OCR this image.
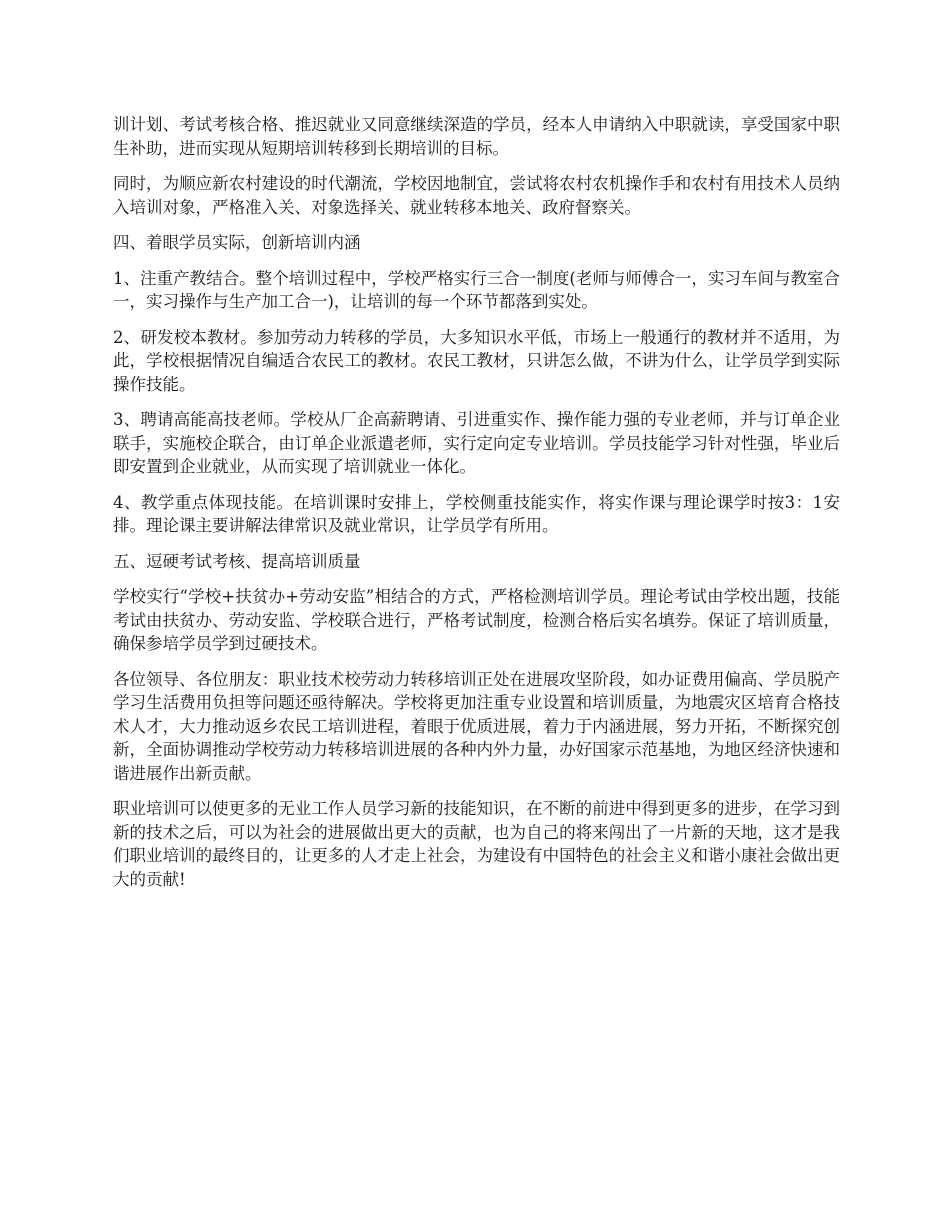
训计划、考试考核合格、推迟就业又同意继续深造的学员，经本人申请纳入中职就读，享受国家中职生补助，进而实现从短期培训转移到长期培训的目标。

同时，为顺应新农村建设的时代潮流，学校因地制宜，尝试将农村农机操作手和农村有用技术人员纳入培训对象，严格准入关、对象选择关、就业转移本地关、政府督察关。

四、着眼学员实际，创新培训内涵

1、注重产教结合。整个培训过程中，学校严格实行三合一制度(老师与师傅合一，实习车间与教室合一，实习操作与生产加工合一)，让培训的每一个环节都落到实处。

2、研发校本教材。参加劳动力转移的学员，大多知识水平低，市场上一般通行的教材并不适用，为此，学校根据情况自编适合农民工的教材。农民工教材，只讲怎么做，不讲为什么，让学员学到实际操作技能。

3、聘请高能高技老师。学校从厂企高薪聘请、引进重实作、操作能力强的专业老师，并与订单企业联手，实施校企联合，由订单企业派遣老师，实行定向定专业培训。学员技能学习针对性强，毕业后即安置到企业就业，从而实现了培训就业一体化。

4、教学重点体现技能。在培训课时安排上，学校侧重技能实作，将实作课与理论课学时按3：1安排。理论课主要讲解法律常识及就业常识，让学员学有所用。

五、逗硬考试考核、提高培训质量

学校实行“学校+扶贫办+劳动安监”相结合的方式，严格检测培训学员。理论考试由学校出题，技能考试由扶贫办、劳动安监、学校联合进行，严格考试制度，检测合格后实名填券。保证了培训质量，确保参培学员学到过硬技术。

各位领导、各位朋友：职业技术校劳动力转移培训正处在进展攻坚阶段，如办证费用偏高、学员脱产学习生活费用负担等问题还亟待解决。学校将更加注重专业设置和培训质量，为地震灾区培育合格技术人才，大力推动返乡农民工培训进程，着眼于优质进展，着力于内涵进展，努力开拓，不断探究创新，全面协调推动学校劳动力转移培训进展的各种内外力量，办好国家示范基地，为地区经济快速和谐进展作出新贡献。

职业培训可以使更多的无业工作人员学习新的技能知识，在不断的前进中得到更多的进步，在学习到新的技术之后，可以为社会的进展做出更大的贡献，也为自己的将来闯出了一片新的天地，这才是我们职业培训的最终目的，让更多的人才走上社会，为建设有中国特色的社会主义和谐小康社会做出更大的贡献!
